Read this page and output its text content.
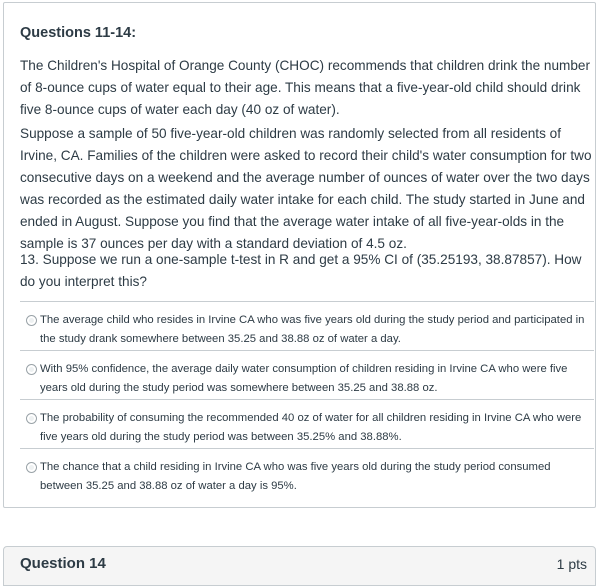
Questions 11-14:
The Children's Hospital of Orange County (CHOC) recommends that children drink the number of 8-ounce cups of water equal to their age. This means that a five-year-old child should drink five 8-ounce cups of water each day (40 oz of water).
Suppose a sample of 50 five-year-old children was randomly selected from all residents of Irvine, CA. Families of the children were asked to record their child's water consumption for two consecutive days on a weekend and the average number of ounces of water over the two days was recorded as the estimated daily water intake for each child. The study started in June and ended in August. Suppose you find that the average water intake of all five-year-olds in the sample is 37 ounces per day with a standard deviation of 4.5 oz.
13. Suppose we run a one-sample t-test in R and get a 95% CI of (35.25193, 38.87857). How do you interpret this?
The average child who resides in Irvine CA who was five years old during the study period and participated in the study drank somewhere between 35.25 and 38.88 oz of water a day.
With 95% confidence, the average daily water consumption of children residing in Irvine CA who were five years old during the study period was somewhere between 35.25 and 38.88 oz.
The probability of consuming the recommended 40 oz of water for all children residing in Irvine CA who were five years old during the study period was between 35.25% and 38.88%.
The chance that a child residing in Irvine CA who was five years old during the study period consumed between 35.25 and 38.88 oz of water a day is 95%.
Question 14	1 pts
